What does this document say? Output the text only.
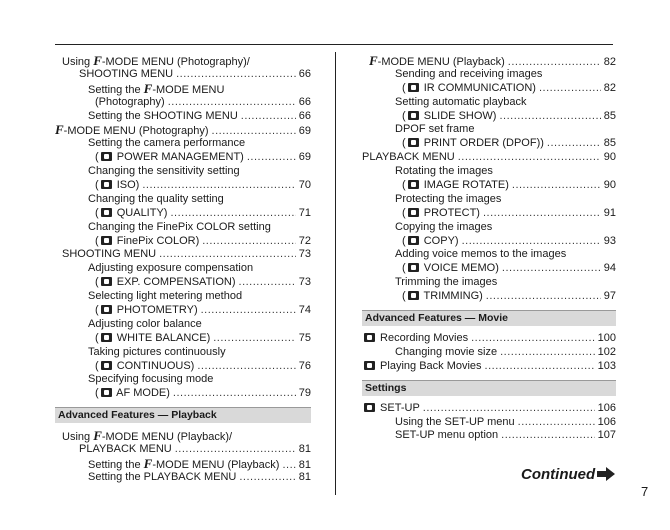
Using F-MODE MENU (Photography)/
SHOOTING MENU .....	66
Setting the F-MODE MENU
(Photography) .....	66
Setting the SHOOTING MENU .....	66
F-MODE MENU (Photography) .....	69
Setting the camera performance
( POWER MANAGEMENT) .....	69
Changing the sensitivity setting
( ISO) .....	70
Changing the quality setting
( QUALITY) .....	71
Changing the FinePix COLOR setting
( FinePix COLOR) .....	72
SHOOTING MENU .....	73
Adjusting exposure compensation
( EXP. COMPENSATION) .....	73
Selecting light metering method
( PHOTOMETRY) .....	74
Adjusting color balance
( WHITE BALANCE) .....	75
Taking pictures continuously
( CONTINUOUS) .....	76
Specifying focusing mode
( AF MODE) .....	79
Advanced Features — Playback
Using F-MODE MENU (Playback)/
PLAYBACK MENU .....	81
Setting the F-MODE MENU (Playback) ..... 81
Setting the PLAYBACK MENU .....	81
F-MODE MENU (Playback) .....	82
Sending and receiving images
( IR COMMUNICATION) .....	82
Setting automatic playback
( SLIDE SHOW) .....	85
DPOF set frame
( PRINT ORDER (DPOF)) .....	85
PLAYBACK MENU .....	90
Rotating the images
( IMAGE ROTATE) .....	90
Protecting the images
( PROTECT) .....	91
Copying the images
( COPY) .....	93
Adding voice memos to the images
( VOICE MEMO) .....	94
Trimming the images
( TRIMMING) .....	97
Advanced Features — Movie
Recording Movies .....	100
Changing movie size .....	102
Playing Back Movies .....	103
Settings
SET-UP .....	106
Using the SET-UP menu .....	106
SET-UP menu option .....	107
Continued
7
